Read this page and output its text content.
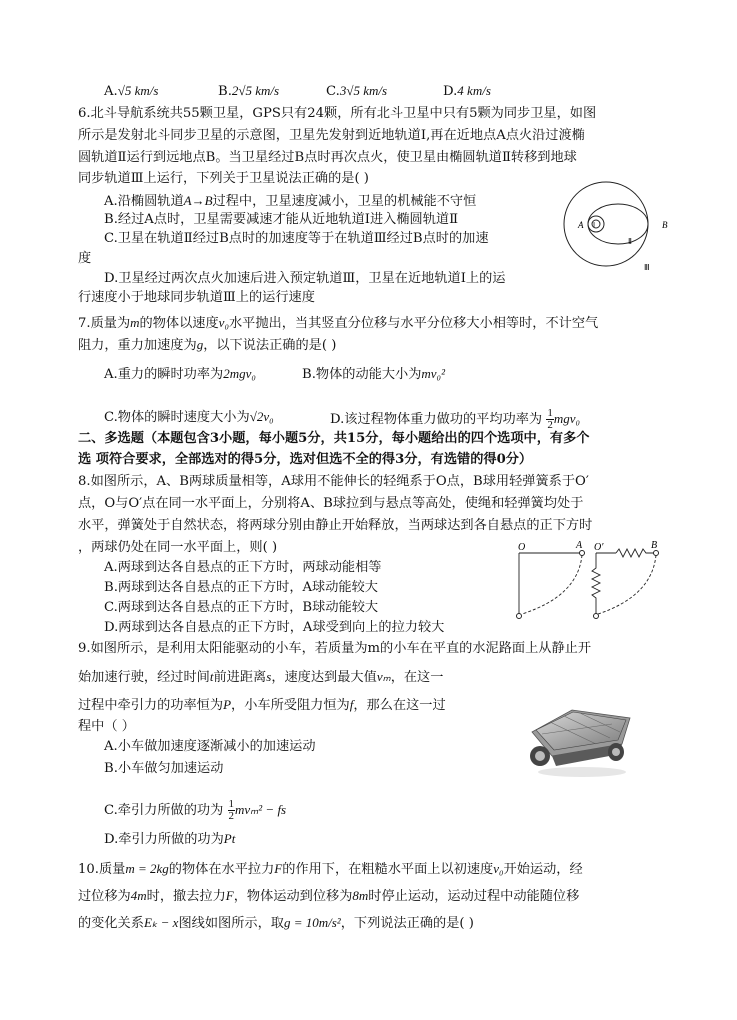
A.√5 km/s	B.2√5 km/s	C.3√5 km/s	D.4 km/s
6.北斗导航系统共55颗卫星，GPS只有24颗，所有北斗卫星中只有5颗为同步卫星，如图
所示是发射北斗同步卫星的示意图，卫星先发射到近地轨道Ⅰ,再在近地点A点火沿过渡椭
圆轨道Ⅱ运行到远地点B。当卫星经过B点时再次点火，使卫星由椭圆轨道Ⅱ转移到地球
同步轨道Ⅲ上运行，下列关于卫星说法正确的是( )
A.沿椭圆轨道A→B过程中，卫星速度减小，卫星的机械能不守恒
B.经过A点时，卫星需要减速才能从近地轨道Ⅰ进入椭圆轨道Ⅱ
C.卫星在轨道Ⅱ经过B点时的加速度等于在轨道Ⅲ经过B点时的加速
度
D.卫星经过两次点火加速后进入预定轨道Ⅲ，卫星在近地轨道Ⅰ上的运
行速度小于地球同步轨道Ⅲ上的运行速度
A Ⅰ
Ⅱ
B
Ⅲ
7.质量为m的物体以速度v₀水平抛出，当其竖直分位移与水平分位移大小相等时，不计空气
阻力，重力加速度为g，以下说法正确的是( )
A.重力的瞬时功率为2mgv₀	B.物体的动能大小为mv₀²
C.物体的瞬时速度大小为√2v₀	D.该过程物体重力做功的平均功率为 $\frac{1}{2} mgv_0$
二、多选题（本题包含3小题，每小题5分，共15分，每小题给出的四个选项中，有多个
选 项符合要求，全部选对的得5分，选对但选不全的得3分，有选错的得0分）
8.如图所示，A、B两球质量相等，A球用不能伸长的轻绳系于O点，B球用轻弹簧系于O′
点，O与O′点在同一水平面上，分别将A、B球拉到与悬点等高处，使绳和轻弹簧均处于
水平，弹簧处于自然状态，将两球分别由静止开始释放，当两球达到各自悬点的正下方时
，两球仍处在同一水平面上，则( )
A.两球到达各自悬点的正下方时，两球动能相等
B.两球到达各自悬点的正下方时，A球动能较大
C.两球到达各自悬点的正下方时，B球动能较大
D.两球到达各自悬点的正下方时，A球受到向上的拉力较大
O	A O′	B
9.如图所示，是利用太阳能驱动的小车，若质量为m的小车在平直的水泥路面上从静止开
始加速行驶，经过时间t前进距离s，速度达到最大值vₘ，在这一
过程中牵引力的功率恒为P，小车所受阻力恒为f，那么在这一过
程中（ ）
A.小车做加速度逐渐减小的加速运动
B.小车做匀加速运动
C.牵引力所做的功为 $\frac{1}{2} mv_m^2$ − fs
D.牵引力所做的功为Pt
10.质量m = 2kg的物体在水平拉力F的作用下，在粗糙水平面上以初速度v₀开始运动，经
过位移为4m时，撤去拉力F，物体运动到位移为8m时停止运动，运动过程中动能随位移
的变化关系Eₖ − x图线如图所示，取g = 10m/s²，下列说法正确的是( )
